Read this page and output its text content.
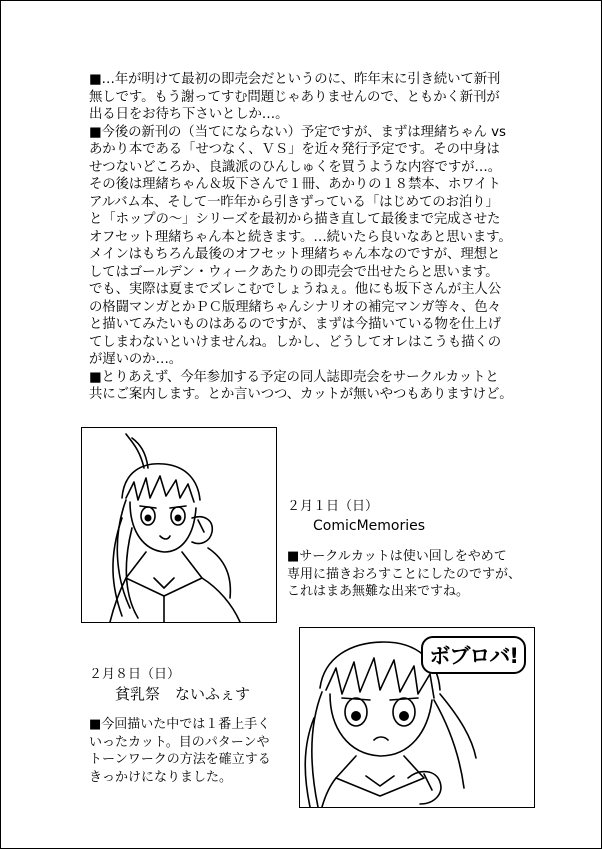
■…年が明けて最初の即売会だというのに、昨年末に引き続いて新刊

無しです。もう謝ってすむ問題じゃありませんので、ともかく新刊が

出る日をお待ち下さいとしか…。

■今後の新刊の（当てにならない）予定ですが、まずは理緒ちゃん vs

あかり本である「せつなく、ＶＳ」を近々発行予定です。その中身は

せつないどころか、良識派のひんしゅくを買うような内容ですが…。

その後は理緒ちゃん＆坂下さんで１冊、あかりの１８禁本、ホワイト

アルバム本、そして一昨年から引きずっている「はじめてのお泊り」

と「ホップの～」シリーズを最初から描き直して最後まで完成させた

オフセット理緒ちゃん本と続きます。…続いたら良いなあと思います。

メインはもちろん最後のオフセット理緒ちゃん本なのですが、理想と

してはゴールデン・ウィークあたりの即売会で出せたらと思います。

でも、実際は夏までズレこむでしょうねぇ。他にも坂下さんが主人公

の格闘マンガとかＰＣ版理緒ちゃんシナリオの補完マンガ等々、色々

と描いてみたいものはあるのですが、まずは今描いている物を仕上げ

てしまわないといけませんね。しかし、どうしてオレはこうも描くの

が遅いのか…。

■とりあえず、今年参加する予定の同人誌即売会をサークルカットと

共にご案内します。とか言いつつ、カットが無いやつもありますけど。

２月１日（日）
ComicMemories

■サークルカットは使い回しをやめて

専用に描きおろすことにしたのですが、

これはまあ無難な出来ですね。

ボブロバ!
２月８日（日）
貧乳祭　ないふぇす

■今回描いた中では１番上手く

いったカット。目のパターンや

トーンワークの方法を確立する

きっかけになりました。
